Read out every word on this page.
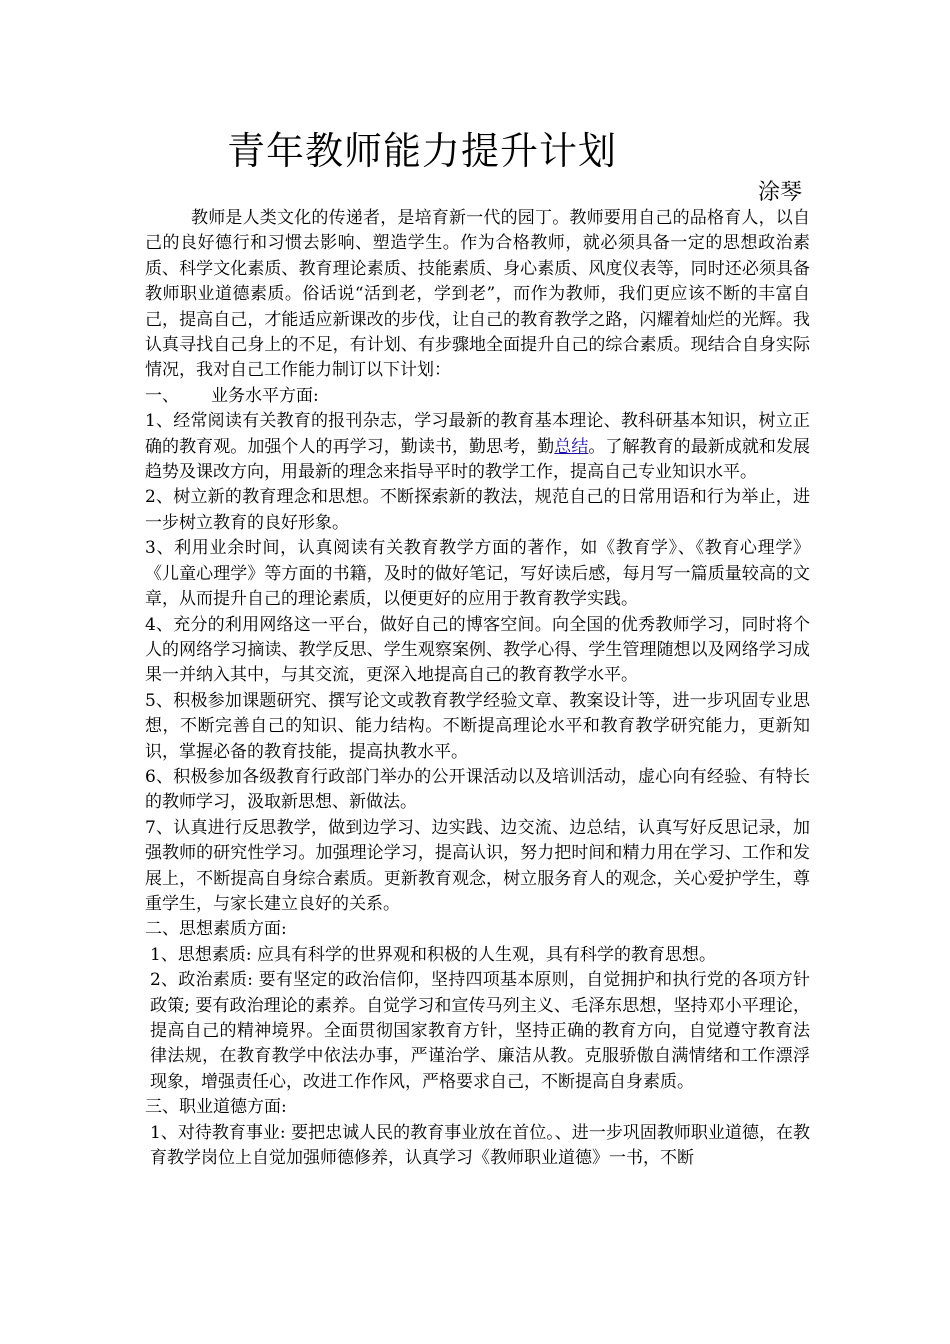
青年教师能力提升计划
涂琴

教师是人类文化的传递者，是培育新一代的园丁。教师要用自己的品格育人，以自己的良好德行和习惯去影响、塑造学生。作为合格教师，就必须具备一定的思想政治素质、科学文化素质、教育理论素质、技能素质、身心素质、风度仪表等，同时还必须具备教师职业道德素质。俗话说“活到老，学到老”，而作为教师，我们更应该不断的丰富自己，提高自己，才能适应新课改的步伐，让自己的教育教学之路，闪耀着灿烂的光辉。我认真寻找自己身上的不足，有计划、有步骤地全面提升自己的综合素质。现结合自身实际情况，我对自己工作能力制订以下计划：

一、 业务水平方面:

1、经常阅读有关教育的报刊杂志，学习最新的教育基本理论、教科研基本知识，树立正确的教育观。加强个人的再学习，勤读书，勤思考，勤总结。了解教育的最新成就和发展趋势及课改方向，用最新的理念来指导平时的教学工作，提高自己专业知识水平。

2、树立新的教育理念和思想。不断探索新的教法，规范自己的日常用语和行为举止，进一步树立教育的良好形象。

3、利用业余时间，认真阅读有关教育教学方面的著作，如《教育学》、《教育心理学》《儿童心理学》等方面的书籍，及时的做好笔记，写好读后感，每月写一篇质量较高的文章，从而提升自己的理论素质，以便更好的应用于教育教学实践。

4、充分的利用网络这一平台，做好自己的博客空间。向全国的优秀教师学习，同时将个人的网络学习摘读、教学反思、学生观察案例、教学心得、学生管理随想以及网络学习成果一并纳入其中，与其交流，更深入地提高自己的教育教学水平。

5、积极参加课题研究、撰写论文或教育教学经验文章、教案设计等，进一步巩固专业思想，不断完善自己的知识、能力结构。不断提高理论水平和教育教学研究能力，更新知识，掌握必备的教育技能，提高执教水平。

6、积极参加各级教育行政部门举办的公开课活动以及培训活动，虚心向有经验、有特长的教师学习，汲取新思想、新做法。

7、认真进行反思教学，做到边学习、边实践、边交流、边总结，认真写好反思记录，加强教师的研究性学习。加强理论学习，提高认识，努力把时间和精力用在学习、工作和发展上，不断提高自身综合素质。更新教育观念，树立服务育人的观念，关心爱护学生，尊重学生，与家长建立良好的关系。

二、思想素质方面:

1、思想素质: 应具有科学的世界观和积极的人生观，具有科学的教育思想。

2、政治素质: 要有坚定的政治信仰，坚持四项基本原则，自觉拥护和执行党的各项方针政策; 要有政治理论的素养。自觉学习和宣传马列主义、毛泽东思想，坚持邓小平理论，提高自己的精神境界。全面贯彻国家教育方针，坚持正确的教育方向，自觉遵守教育法律法规，在教育教学中依法办事，严谨治学、廉洁从教。克服骄傲自满情绪和工作漂浮现象，增强责任心，改进工作作风，严格要求自己，不断提高自身素质。

三、职业道德方面:

1、对待教育事业: 要把忠诚人民的教育事业放在首位。、进一步巩固教师职业道德，在教育教学岗位上自觉加强师德修养，认真学习《教师职业道德》一书，不断
